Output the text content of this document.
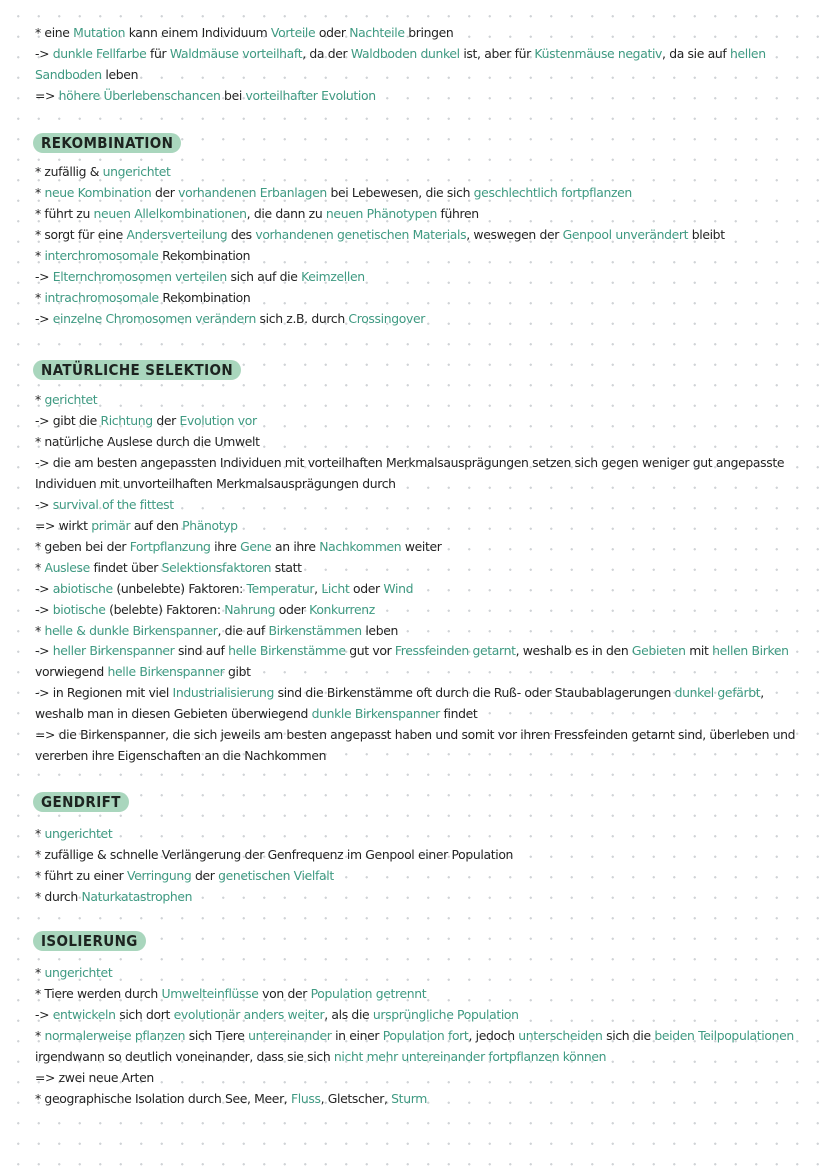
* eine Mutation kann einem Individuum Vorteile oder Nachteile bringen
-> dunkle Fellfarbe für Waldmäuse vorteilhaft, da der Waldboden dunkel ist, aber für Küstenmäuse negativ, da sie auf hellen Sandboden leben
=> höhere Überlebenschancen bei vorteilhafter Evolution
REKOMBINATION
* zufällig & ungerichtet
* neue Kombination der vorhandenen Erbanlagen bei Lebewesen, die sich geschlechtlich fortpflanzen
* führt zu neuen Allelkombinationen, die dann zu neuen Phänotypen führen
* sorgt für eine Andersverteilung des vorhandenen genetischen Materials, weswegen der Genpool unverändert bleibt
* interchromosomale Rekombination
-> Elternchromosomen verteilen sich auf die Keimzellen
* intrachromosomale Rekombination
-> einzelne Chromosomen verändern sich z.B. durch Crossingover
NATÜRLICHE SELEKTION
* gerichtet
-> gibt die Richtung der Evolution vor
* natürliche Auslese durch die Umwelt
-> die am besten angepassten Individuen mit vorteilhaften Merkmalsausprägungen setzen sich gegen weniger gut angepasste Individuen mit unvorteilhaften Merkmalsausprägungen durch
-> survival of the fittest
=> wirkt primär auf den Phänotyp
* geben bei der Fortpflanzung ihre Gene an ihre Nachkommen weiter
* Auslese findet über Selektionsfaktoren statt
-> abiotische (unbelebte) Faktoren: Temperatur, Licht oder Wind
-> biotische (belebte) Faktoren: Nahrung oder Konkurrenz
* helle & dunkle Birkenspanner, die auf Birkenstämmen leben
-> heller Birkenspanner sind auf helle Birkenstämme gut vor Fressfeinden getarnt, weshalb es in den Gebieten mit hellen Birken vorwiegend helle Birkenspanner gibt
-> in Regionen mit viel Industrialisierung sind die Birkenstämme oft durch die Ruß- oder Staubablagerungen dunkel gefärbt, weshalb man in diesen Gebieten überwiegend dunkle Birkenspanner findet
=> die Birkenspanner, die sich jeweils am besten angepasst haben und somit vor ihren Fressfeinden getarnt sind, überleben und vererben ihre Eigenschaften an die Nachkommen
GENDRIFT
* ungerichtet
* zufällige & schnelle Verlängerung der Genfrequenz im Genpool einer Population
* führt zu einer Verringung der genetischen Vielfalt
* durch Naturkatastrophen
ISOLIERUNG
* ungerichtet
* Tiere werden durch Umwelteinflüsse von der Population getrennt
-> entwickeln sich dort evolutionär anders weiter, als die ursprüngliche Population
* normalerweise pflanzen sich Tiere untereinander in einer Population fort, jedoch unterscheiden sich die beiden Teilpopulationen irgendwann so deutlich voneinander, dass sie sich nicht mehr untereinander fortpflanzen können
=> zwei neue Arten
* geographische Isolation durch See, Meer, Fluss, Gletscher, Sturm
